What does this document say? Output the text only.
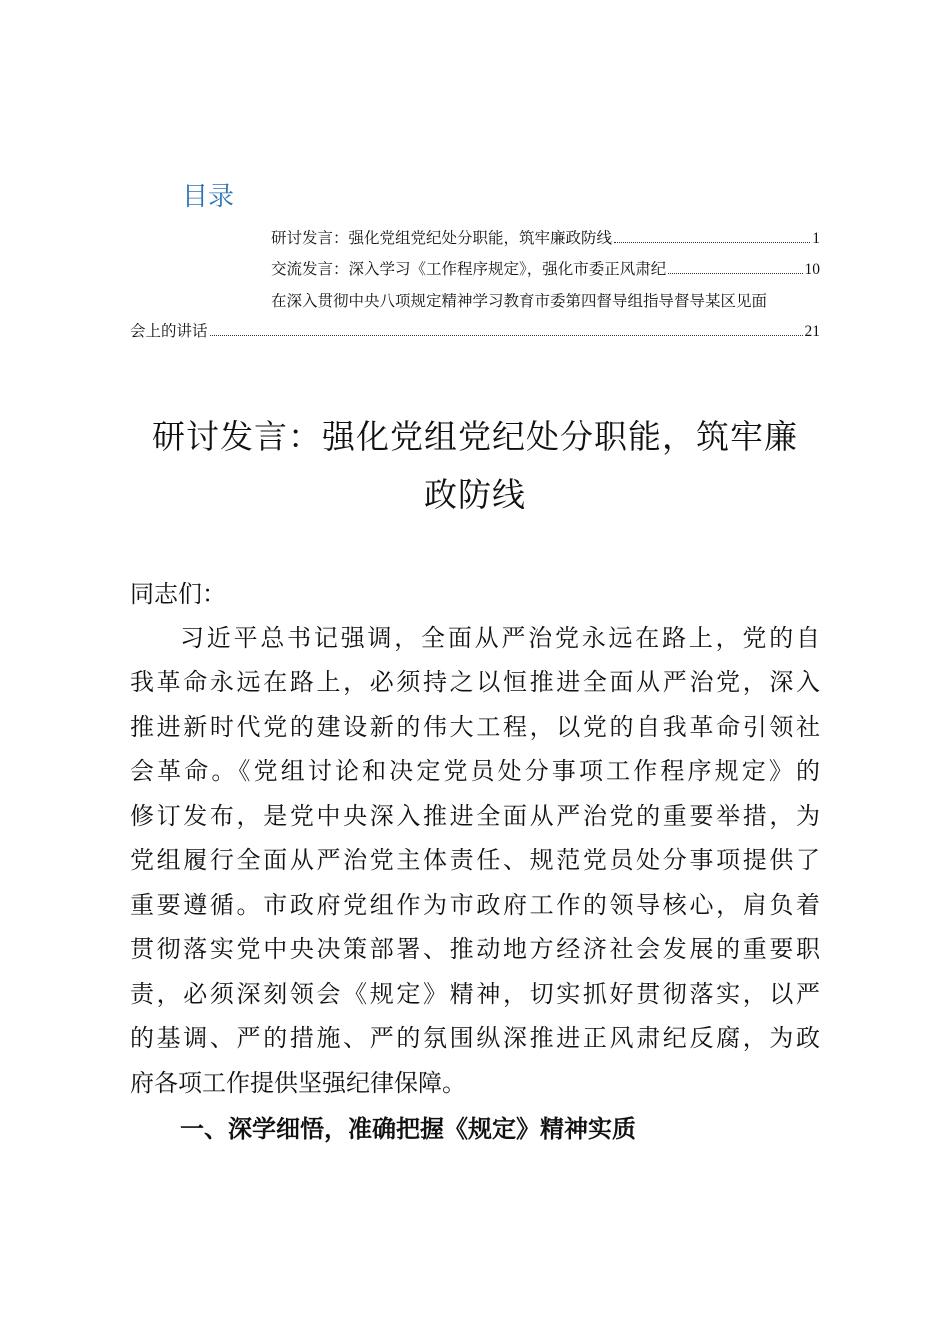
目录
研讨发言：强化党组党纪处分职能，筑牢廉政防线	1
交流发言：深入学习《工作程序规定》，强化市委正风肃纪	10
在深入贯彻中央八项规定精神学习教育市委第四督导组指导督导某区见面
会上的讲话	21
研讨发言：强化党组党纪处分职能，筑牢廉
政防线
同志们：
习近平总书记强调，全面从严治党永远在路上，党的自
我革命永远在路上，必须持之以恒推进全面从严治党，深入
推进新时代党的建设新的伟大工程，以党的自我革命引领社
会革命。《党组讨论和决定党员处分事项工作程序规定》的
修订发布，是党中央深入推进全面从严治党的重要举措，为
党组履行全面从严治党主体责任、规范党员处分事项提供了
重要遵循。市政府党组作为市政府工作的领导核心，肩负着
贯彻落实党中央决策部署、推动地方经济社会发展的重要职
责，必须深刻领会《规定》精神，切实抓好贯彻落实，以严
的基调、严的措施、严的氛围纵深推进正风肃纪反腐，为政
府各项工作提供坚强纪律保障。
一、深学细悟，准确把握《规定》精神实质
